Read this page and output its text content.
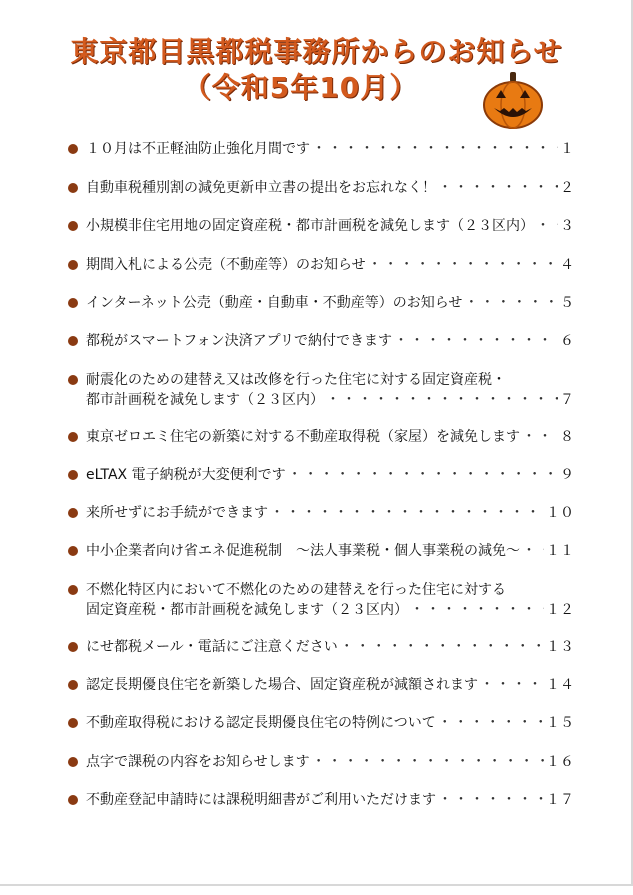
東京都目黒都税事務所からのお知らせ
（令和5年10月）
１０月は不正軽油防止強化月間です ・・・・・・・・・・・・・・・・・・・・・・・・・・・・・・・・・・・・・・・・・・・・・・・・・・	１
自動車税種別割の減免更新申立書の提出をお忘れなく！ ・・・・・・・・・・・・・・・・・・・・・・・・・・・・・・・・・・・・・・・・・・・・・・・・・・	２
小規模非住宅用地の固定資産税・都市計画税を減免します（２３区内） ・・・・・・・・・・・・・・・・・・・・・・・・・・・・・・・・・・・・・・・・・・・・・・・・・・ ３
期間入札による公売（不動産等）のお知らせ ・・・・・・・・・・・・・・・・・・・・・・・・・・・・・・・・・・・・・・・・・・・・・・・・・・	４
インターネット公売（動産・自動車・不動産等）のお知らせ ・・・・・・・・・・・・・・・・・・・・・・・・・・・・・・・・・・・・・・・・・・・・・・・・・・	５
都税がスマートフォン決済アプリで納付できます ・・・・・・・・・・・・・・・・・・・・・・・・・・・・・・・・・・・・・・・・・・・・・・・・・・	６
耐震化のための建替え又は改修を行った住宅に対する固定資産税・
都市計画税を減免します（２３区内） ・・・・・・・・・・・・・・・・・・・・・・・・・・・・・・・・・・・・・・・・・・・・・・・・・・	７
東京ゼロエミ住宅の新築に対する不動産取得税（家屋）を減免します ・・・・・・・・・・・・・・・・・・・・・・・・・・・・・・・・・・・・・・・・・・・・・・・・・・	８
eLTAX 電子納税が大変便利です ・・・・・・・・・・・・・・・・・・・・・・・・・・・・・・・・・・・・・・・・・・・・・・・・・・	９
来所せずにお手続ができます ・・・・・・・・・・・・・・・・・・・・・・・・・・・・・・・・・・・・・・・・・・・・・・・・・・	１０
中小企業者向け省エネ促進税制　～法人事業税・個人事業税の減免～ ・・・・・・・・・・・・・・・・・・・・・・・・・・・・・・・・・・・・・・・・・・・・・・・・・・ １１
不燃化特区内において不燃化のための建替えを行った住宅に対する
固定資産税・都市計画税を減免します（２３区内） ・・・・・・・・・・・・・・・・・・・・・・・・・・・・・・・・・・・・・・・・・・・・・・・・・・	１２
にせ都税メール・電話にご注意ください ・・・・・・・・・・・・・・・・・・・・・・・・・・・・・・・・・・・・・・・・・・・・・・・・・・	１３
認定長期優良住宅を新築した場合、固定資産税が減額されます ・・・・・・・・・・・・・・・・・・・・・・・・・・・・・・・・・・・・・・・・・・・・・・・・・・	１４
不動産取得税における認定長期優良住宅の特例について ・・・・・・・・・・・・・・・・・・・・・・・・・・・・・・・・・・・・・・・・・・・・・・・・・・	１５
点字で課税の内容をお知らせします ・・・・・・・・・・・・・・・・・・・・・・・・・・・・・・・・・・・・・・・・・・・・・・・・・・	１６
不動産登記申請時には課税明細書がご利用いただけます ・・・・・・・・・・・・・・・・・・・・・・・・・・・・・・・・・・・・・・・・・・・・・・・・・・	１７
